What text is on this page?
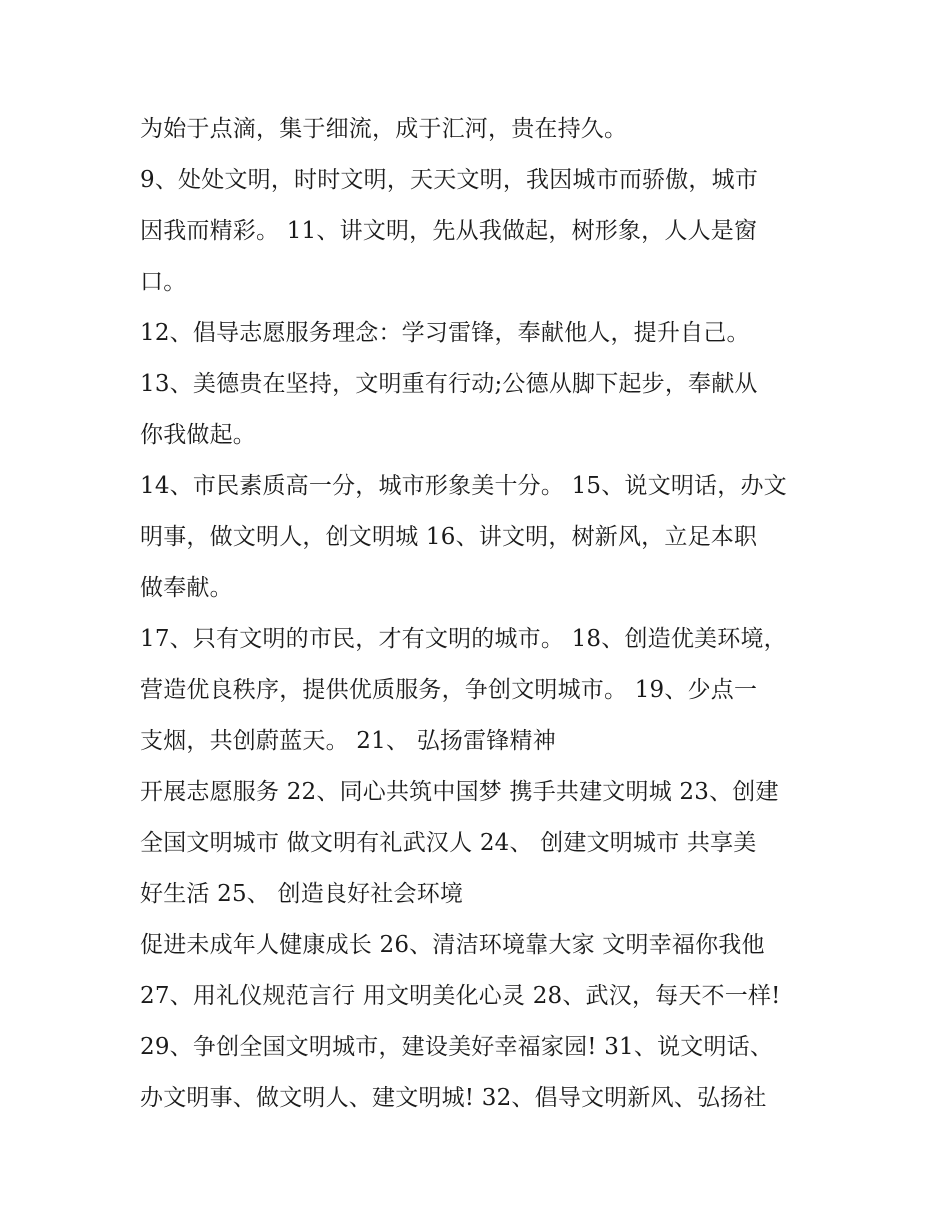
为始于点滴，集于细流，成于汇河，贵在持久。
9、处处文明，时时文明，天天文明，我因城市而骄傲，城市
因我而精彩。 11、讲文明，先从我做起，树形象，人人是窗
口。
12、倡导志愿服务理念：学习雷锋，奉献他人，提升自己。
13、美德贵在坚持，文明重有行动;公德从脚下起步，奉献从
你我做起。
14、市民素质高一分，城市形象美十分。 15、说文明话，办文
明事，做文明人，创文明城 16、讲文明，树新风，立足本职
做奉献。
17、只有文明的市民，才有文明的城市。 18、创造优美环境，
营造优良秩序，提供优质服务，争创文明城市。 19、少点一
支烟，共创蔚蓝天。 21、 弘扬雷锋精神
开展志愿服务 22、同心共筑中国梦 携手共建文明城 23、创建
全国文明城市 做文明有礼武汉人 24、 创建文明城市 共享美
好生活 25、 创造良好社会环境
促进未成年人健康成长 26、清洁环境靠大家 文明幸福你我他
27、用礼仪规范言行 用文明美化心灵 28、武汉，每天不一样!
29、争创全国文明城市，建设美好幸福家园! 31、说文明话、
办文明事、做文明人、建文明城! 32、倡导文明新风、弘扬社
